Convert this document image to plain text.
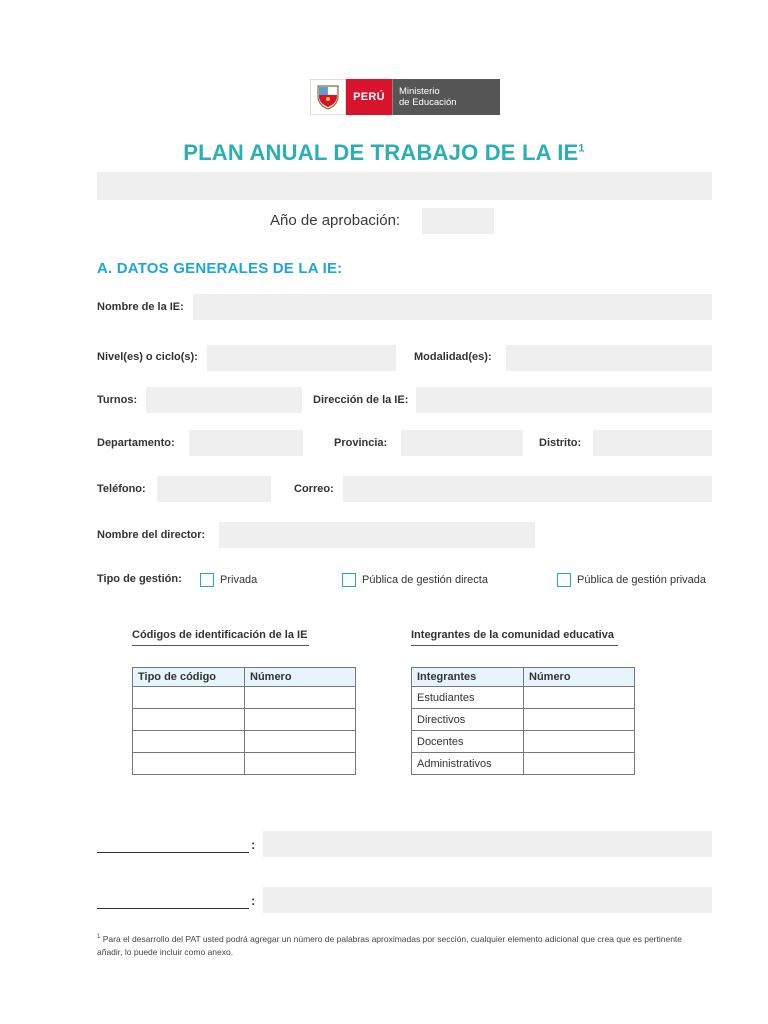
PERÚ	Ministerio
de Educación
PLAN ANUAL DE TRABAJO DE LA $IE^1$
Año de aprobación:
A. DATOS GENERALES DE LA IE:
Nombre de la IE:
Nivel(es) o ciclo(s):	Modalidad(es):
Turnos:	Dirección de la IE:
Departamento:	Provincia:	Distrito:
Teléfono:	Correo:
Nombre del director:
Tipo de gestión:	Privada	Pública de gestión directa	Pública de gestión privada
Códigos de identificación de la IE
Tipo de código	Número

Integrantes de la comunidad educativa
Integrantes	Número
Estudiantes	
Directivos	
Docentes	
Administrativos	
:
:
$^1$ Para el desarrollo del PAT usted podrá agregar un número de palabras aproximadas por sección, cualquier elemento adicional que crea que es pertinente añadir, lo puede incluir como anexo.
